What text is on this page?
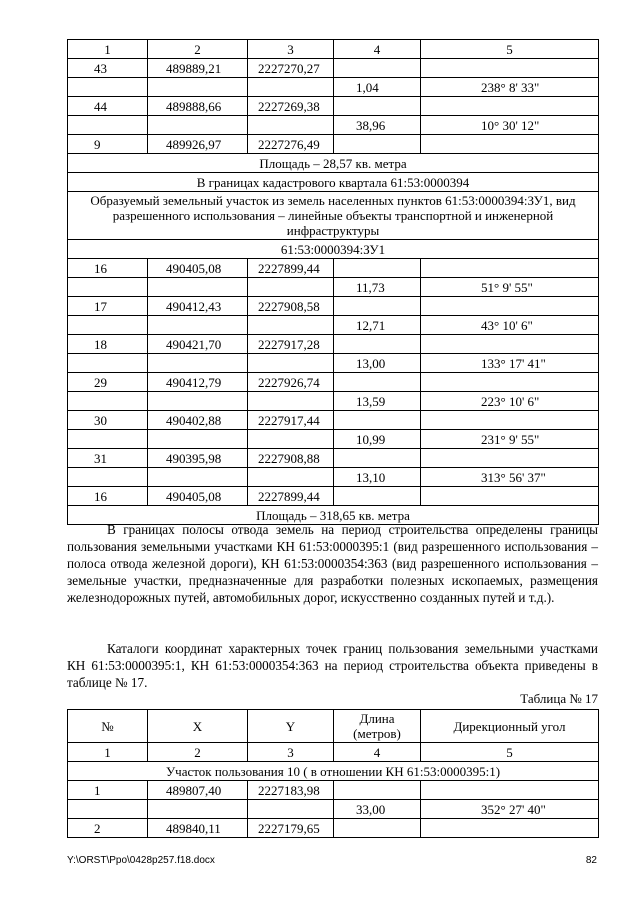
1	2	3	4	5
43	489889,21	2227270,27		
			1,04	238° 8' 33"
44	489888,66	2227269,38		
			38,96	10° 30' 12"
9	489926,97	2227276,49		
Площадь – 28,57 кв. метра				
В границах кадастрового квартала 61:53:0000394				
Образуемый земельный участок из земель населенных пунктов 61:53:0000394:ЗУ1, вид разрешенного использования – линейные объекты транспортной и инженерной инфраструктуры				
61:53:0000394:ЗУ1				
16	490405,08	2227899,44		
			11,73	51° 9' 55"
17	490412,43	2227908,58		
			12,71	43° 10' 6"
18	490421,70	2227917,28		
			13,00	133° 17' 41"
29	490412,79	2227926,74		
			13,59	223° 10' 6"
30	490402,88	2227917,44		
			10,99	231° 9' 55"
31	490395,98	2227908,88		
			13,10	313° 56' 37"
16	490405,08	2227899,44		
Площадь – 318,65 кв. метра				

В границах полосы отвода земель на период строительства определены границы пользования земельными участками КН 61:53:0000395:1 (вид разрешенного использования – полоса отвода железной дороги), КН 61:53:0000354:363 (вид разрешенного использования – земельные участки, предназначенные для разработки полезных ископаемых, размещения железнодорожных путей, автомобильных дорог, искусственно созданных путей и т.д.).

Каталоги координат характерных точек границ пользования земельными участками КН 61:53:0000395:1, КН 61:53:0000354:363 на период строительства объекта приведены в таблице № 17.

Таблица № 17

№	X	Y	Длина (метров)	Дирекционный угол
1	2	3	4	5
Участок пользования 10 ( в отношении КН 61:53:0000395:1)				
1	489807,40	2227183,98		
			33,00	352° 27' 40"
2	489840,11	2227179,65		
Y:\ORST\Ppo\0428p257.f18.docx	82
